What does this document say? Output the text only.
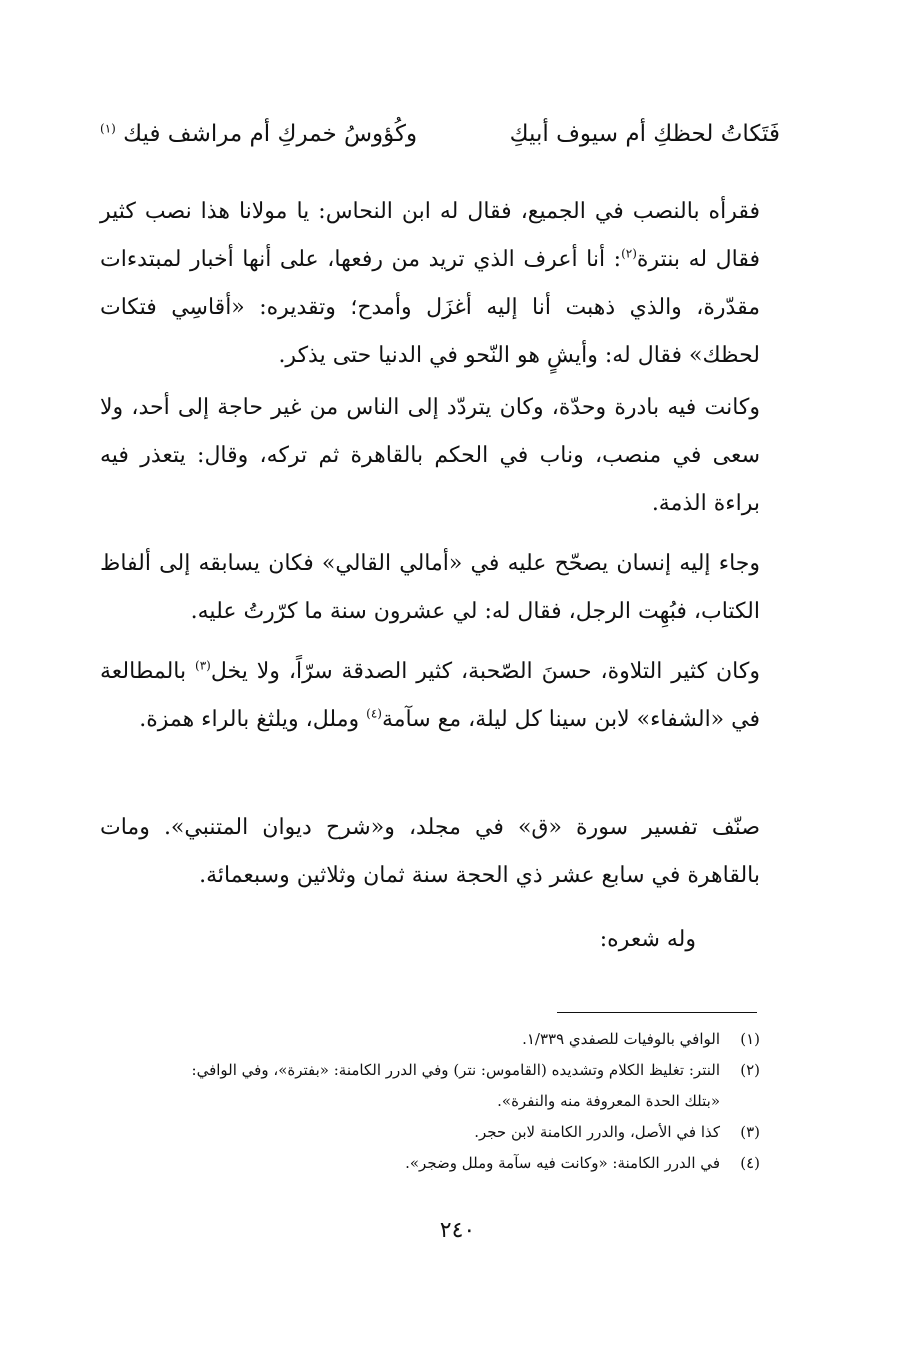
فَتَكاتُ لحظكِ أم سيوف أبيكِ
وكُؤوسُ خمركِ أم مراشف فيك $^{(١)}$

فقرأه بالنصب في الجميع، فقال له ابن النحاس: يا مولانا هذا نصب كثير فقال له بنترة$^{(٢)}$: أنا أعرف الذي تريد من رفعها، على أنها أخبار لمبتدءات مقدّرة، والذي ذهبت أنا إليه أغزَل وأمدح؛ وتقديره: «أقاسِي فتكات لحظك» فقال له: وأيشٍ هو النّحو في الدنيا حتى يذكر.

وكانت فيه بادرة وحدّة، وكان يتردّد إلى الناس من غير حاجة إلى أحد، ولا سعى في منصب، وناب في الحكم بالقاهرة ثم تركه، وقال: يتعذر فيه براءة الذمة.

وجاء إليه إنسان يصحّح عليه في «أمالي القالي» فكان يسابقه إلى ألفاظ الكتاب، فبُهِت الرجل، فقال له: لي عشرون سنة ما كرّرتُ عليه.

وكان كثير التلاوة، حسنَ الصّحبة، كثير الصدقة سرّاً، ولا يخل$^{(٣)}$ بالمطالعة في «الشفاء» لابن سينا كل ليلة، مع سآمة$^{(٤)}$ وملل، ويلثغ بالراء همزة.

صنّف تفسير سورة «ق» في مجلد، و«شرح ديوان المتنبي». ومات بالقاهرة في سابع عشر ذي الحجة سنة ثمان وثلاثين وسبعمائة.

وله شعره:

(١)
الوافي بالوفيات للصفدي ١/٣٣٩.
(٢)
النتر: تغليظ الكلام وتشديده (القاموس: نتر) وفي الدرر الكامنة: «بفترة»، وفي الوافي:
«بتلك الحدة المعروفة منه والنفرة».
(٣)
كذا في الأصل، والدرر الكامنة لابن حجر.
(٤)
في الدرر الكامنة: «وكانت فيه سآمة وملل وضجر».
٢٤٠
